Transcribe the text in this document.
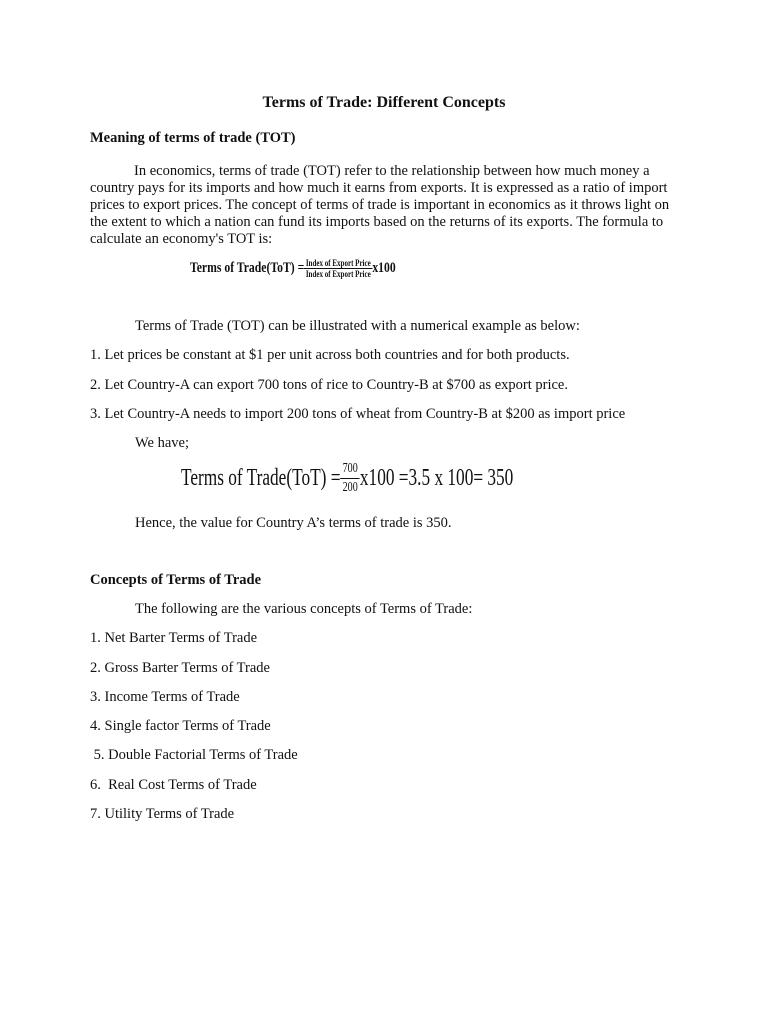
Terms of Trade: Different Concepts
Meaning of terms of trade (TOT)
In economics, terms of trade (TOT) refer to the relationship between how much money a country pays for its imports and how much it earns from exports. It is expressed as a ratio of import prices to export prices. The concept of terms of trade is important in economics as it throws light on the extent to which a nation can fund its imports based on the returns of its exports. The formula to calculate an economy's TOT is:
Terms of Trade(ToT) = $\frac{\text{Index of Export Price}}{\text{Index of Export Price}} x100$
Terms of Trade (TOT) can be illustrated with a numerical example as below:
1. Let prices be constant at $1 per unit across both countries and for both products.
2. Let Country-A can export 700 tons of rice to Country-B at $700 as export price.
3. Let Country-A needs to import 200 tons of wheat from Country-B at $200 as import price
We have;
Terms of Trade(ToT) = $\frac{700}{200} x100 =3.5$ x 100= 350
Hence, the value for Country A’s terms of trade is 350.
Concepts of Terms of Trade
The following are the various concepts of Terms of Trade:
1. Net Barter Terms of Trade
2. Gross Barter Terms of Trade
3. Income Terms of Trade
4. Single factor Terms of Trade
5. Double Factorial Terms of Trade
6.  Real Cost Terms of Trade
7. Utility Terms of Trade
